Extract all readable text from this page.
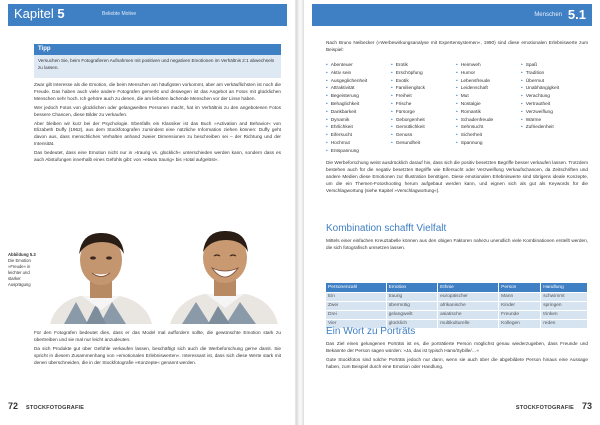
Kapitel 5	Beliebte Motive
Tipp
Versuchen Sie, beim Fotografieren Aufnahmen mit positiven und negativen Emotionen im Verhältnis 2:1 abwechseln zu lassen.

Zwar gilt Interesse als die Emotion, die beim Menschen am häufigsten vorkommt, aber am verkäuflichsten ist noch die Freude. Das haben auch viele andere Fotografen gemerkt und deswegen ist das Angebot an Fotos mit glücklichen Menschen sehr hoch. Ich gehöre auch zu denen, die am liebsten lachende Menschen vor der Linse haben.

Wer jedoch Fotos von glücklichen oder gelangweilten Personen macht, hat im Verhältnis zu den angebotenen Fotos bessere Chancen, diese Bilder zu verkaufen.

Aber bleiben wir kurz bei der Psychologie. Ebenfalls ein Klassiker ist das Buch »Activation and Behavior« von Elizabeth Duffy (1962), aus dem Stockfotografen zumindest eine nützliche Information ziehen können: Duffy geht davon aus, dass menschliches Verhalten anhand zweier Dimensionen zu beschreiben sei – der Richtung und der Intensität.

Das bedeutet, dass eine Emotion nicht nur in »traurig vs. glücklich« unterschieden werden kann, sondern dass es auch Abstufungen innerhalb eines Gefühls gibt: von »etwas traurig« bis »total aufgelöst«.

Abbildung 5.3
Die Emotion »Freude« in leichter und starker Ausprägung

Für den Fotografen bedeutet dies, dass er das Model mal auffordern sollte, die gewünschte Emotion stark zu übertreiben und sie mal nur leicht anzudeuten.

Da sich Produkte gut über Gefühle verkaufen lassen, beschäftigt sich auch die Werbeforschung gerne damit. Sie spricht in diesem Zusammenhang von »emotionalen Erlebniswerten«. Interessant ist, dass sich diese Werte stark mit denen überschneiden, die in der Stockfotografie »Konzepte« genannt werden.

72 STOCKFOTOGRAFIE
Menschen 5.1

Nach Bruno Neibecker (»Werbewirkungsanalyse mit Expertensystemen«, 1990) sind diese emotionalen Erlebniswerte zum Beispiel:

• Abenteuer
• Aktiv sein
• Ausgeglichenheit
• Attraktivität
• Begeisterung
• Behaglichkeit
• Dankbarkeit
• Dynamik
• Ehrlichkeit
• Eifersucht
• Hochmut
• Entspannung
• Erotik
• Erschöpfung
• Exotik
• Familienglück
• Freiheit
• Frische
• Fürsorge
• Geborgenheit
• Gemütlichkeit
• Genuss
• Gesundheit
• Heimweh
• Humor
• Lebensfreude
• Leidenschaft
• Mut
• Nostalgie
• Romantik
• Schadenfreude
• Sehnsucht
• Sicherheit
• Spannung
• Spaß
• Tradition
• Übermut
• Unabhängigkeit
• Verachtung
• Vertrautheit
• Verzweiflung
• Wärme
• Zufriedenheit

Die Werbeforschung weist ausdrücklich darauf hin, dass sich die positiv besetzten Begriffe besser verkaufen lassen. Trotzdem bestehen auch für die negativ besetzten Begriffe wie Eifersucht oder Verzweiflung Verkaufschancen, da Zeitschriften und andere Medien diese Emotionen zur Illustration benötigen. Diese emotionalen Erlebniswerte sind übrigens ideale Konzepte, um die ein Themen-Fotoshooting herum aufgebaut werden kann, und eignen sich als gut als Keywords für die Verschlagwortung (siehe Kapitel »Verschlagwortung«).

Kombination schafft Vielfalt

Mittels einer einfachen Kreuztabelle können aus den obigen Faktoren nahezu unendlich viele Kombinationen erstellt werden, die sich fotografisch umsetzen lassen.

Personenzahl	Emotion	Ethnie	Person	Handlung
Ein	traurig	europäischer	Mann	schwimmt
Zwei	übermütig	afrikanische	Kinder	springen
Drei	gelangweilt	asiatische	Freunde	trinken
Vier	glücklich	multikulturelle	Kollegen	reden
Ein Wort zu Porträts

Das Ziel eines gelungenen Porträts ist es, die porträtierte Person möglichst genau wiederzugeben, dass Freunde und Bekannte der Person sagen würden: »Ja, das ist typisch Hans/Sybille/…«

Gute Stockfotos sind solche Porträts jedoch nur dann, wenn sie auch über die abgebildete Person hinaus eine Aussage haben, zum Beispiel durch eine Emotion oder Handlung.

STOCKFOTOGRAFIE 73
